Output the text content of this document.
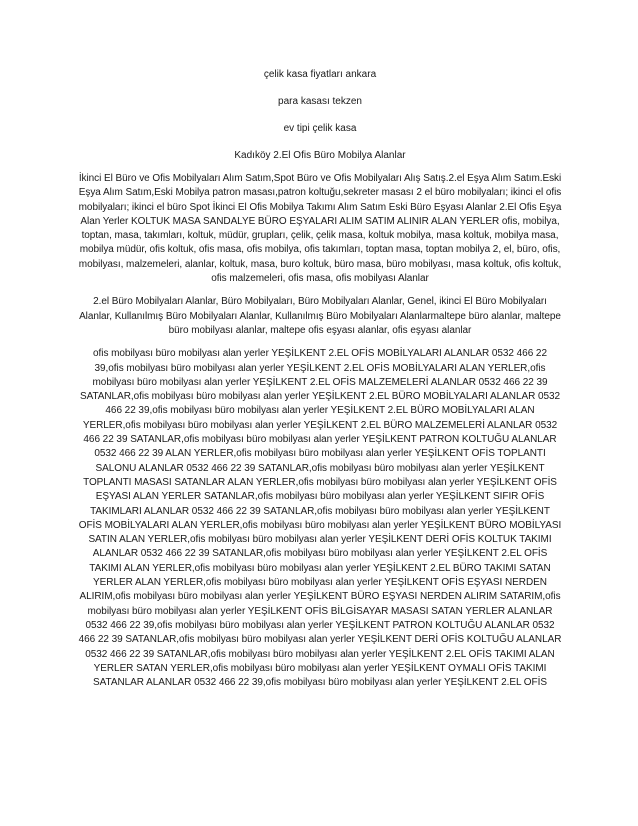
çelik kasa fiyatları ankara

para kasası tekzen

ev tipi çelik kasa

Kadıköy 2.El Ofis Büro Mobilya Alanlar

İkinci El Büro ve Ofis Mobilyaları Alım Satım,Spot Büro ve Ofis Mobilyaları Alış Satış.2.el Eşya Alım Satım.Eski Eşya Alım Satım,Eski Mobilya patron masası,patron koltuğu,sekreter masası 2 el büro mobilyaları; ikinci el ofis mobilyaları; ikinci el büro Spot İkinci El Ofis Mobilya Takımı Alım Satım Eski Büro Eşyası Alanlar 2.El Ofis Eşya Alan Yerler KOLTUK MASA SANDALYE BÜRO EŞYALARI ALIM SATIM ALINIR ALAN YERLER ofis, mobilya, toptan, masa, takımları, koltuk, müdür, grupları, çelik, çelik masa, koltuk mobilya, masa koltuk, mobilya masa, mobilya müdür, ofis koltuk, ofis masa, ofis mobilya, ofis takımları, toptan masa, toptan mobilya 2, el, büro, ofis, mobilyası, malzemeleri, alanlar, koltuk, masa, buro koltuk, büro masa, büro mobilyası, masa koltuk, ofis koltuk, ofis malzemeleri, ofis masa, ofis mobilyası Alanlar

2.el Büro Mobilyaları Alanlar, Büro Mobilyaları, Büro Mobilyaları Alanlar, Genel, ikinci El Büro Mobilyaları Alanlar, Kullanılmış Büro Mobilyaları Alanlar, Kullanılmış Büro Mobilyaları Alanlarmaltepe büro alanlar, maltepe büro mobilyası alanlar, maltepe ofis eşyası alanlar, ofis eşyası alanlar

ofis mobilyası büro mobilyası alan yerler YEŞİLKENT 2.EL OFİS MOBİLYALARI ALANLAR 0532 466 22 39,ofis mobilyası büro mobilyası alan yerler YEŞİLKENT 2.EL OFİS MOBİLYALARI ALAN YERLER,ofis mobilyası büro mobilyası alan yerler YEŞİLKENT 2.EL OFİS MALZEMELERİ ALANLAR 0532 466 22 39 SATANLAR,ofis mobilyası büro mobilyası alan yerler YEŞİLKENT 2.EL BÜRO MOBİLYALARI ALANLAR 0532 466 22 39,ofis mobilyası büro mobilyası alan yerler YEŞİLKENT 2.EL BÜRO MOBİLYALARI ALAN YERLER,ofis mobilyası büro mobilyası alan yerler YEŞİLKENT 2.EL BÜRO MALZEMELERİ ALANLAR 0532 466 22 39 SATANLAR,ofis mobilyası büro mobilyası alan yerler YEŞİLKENT PATRON KOLTUĞU ALANLAR 0532 466 22 39 ALAN YERLER,ofis mobilyası büro mobilyası alan yerler YEŞİLKENT OFİS TOPLANTI SALONU ALANLAR 0532 466 22 39 SATANLAR,ofis mobilyası büro mobilyası alan yerler YEŞİLKENT TOPLANTI MASASI SATANLAR ALAN YERLER,ofis mobilyası büro mobilyası alan yerler YEŞİLKENT OFİS EŞYASI ALAN YERLER SATANLAR,ofis mobilyası büro mobilyası alan yerler YEŞİLKENT SIFIR OFİS TAKIMLARI ALANLAR 0532 466 22 39 SATANLAR,ofis mobilyası büro mobilyası alan yerler YEŞİLKENT OFİS MOBİLYALARI ALAN YERLER,ofis mobilyası büro mobilyası alan yerler YEŞİLKENT BÜRO MOBİLYASI SATIN ALAN YERLER,ofis mobilyası büro mobilyası alan yerler YEŞİLKENT DERİ OFİS KOLTUK TAKIMI ALANLAR 0532 466 22 39 SATANLAR,ofis mobilyası büro mobilyası alan yerler YEŞİLKENT 2.EL OFİS TAKIMI ALAN YERLER,ofis mobilyası büro mobilyası alan yerler YEŞİLKENT 2.EL BÜRO TAKIMI SATAN YERLER ALAN YERLER,ofis mobilyası büro mobilyası alan yerler YEŞİLKENT OFİS EŞYASI NERDEN ALIRIM,ofis mobilyası büro mobilyası alan yerler YEŞİLKENT BÜRO EŞYASI NERDEN ALIRIM SATARIM,ofis mobilyası büro mobilyası alan yerler YEŞİLKENT OFİS BİLGİSAYAR MASASI SATAN YERLER ALANLAR 0532 466 22 39,ofis mobilyası büro mobilyası alan yerler YEŞİLKENT PATRON KOLTUĞU ALANLAR 0532 466 22 39 SATANLAR,ofis mobilyası büro mobilyası alan yerler YEŞİLKENT DERİ OFİS KOLTUĞU ALANLAR 0532 466 22 39 SATANLAR,ofis mobilyası büro mobilyası alan yerler YEŞİLKENT 2.EL OFİS TAKIMI ALAN YERLER SATAN YERLER,ofis mobilyası büro mobilyası alan yerler YEŞİLKENT OYMALI OFİS TAKIMI SATANLAR ALANLAR 0532 466 22 39,ofis mobilyası büro mobilyası alan yerler YEŞİLKENT 2.EL OFİS
